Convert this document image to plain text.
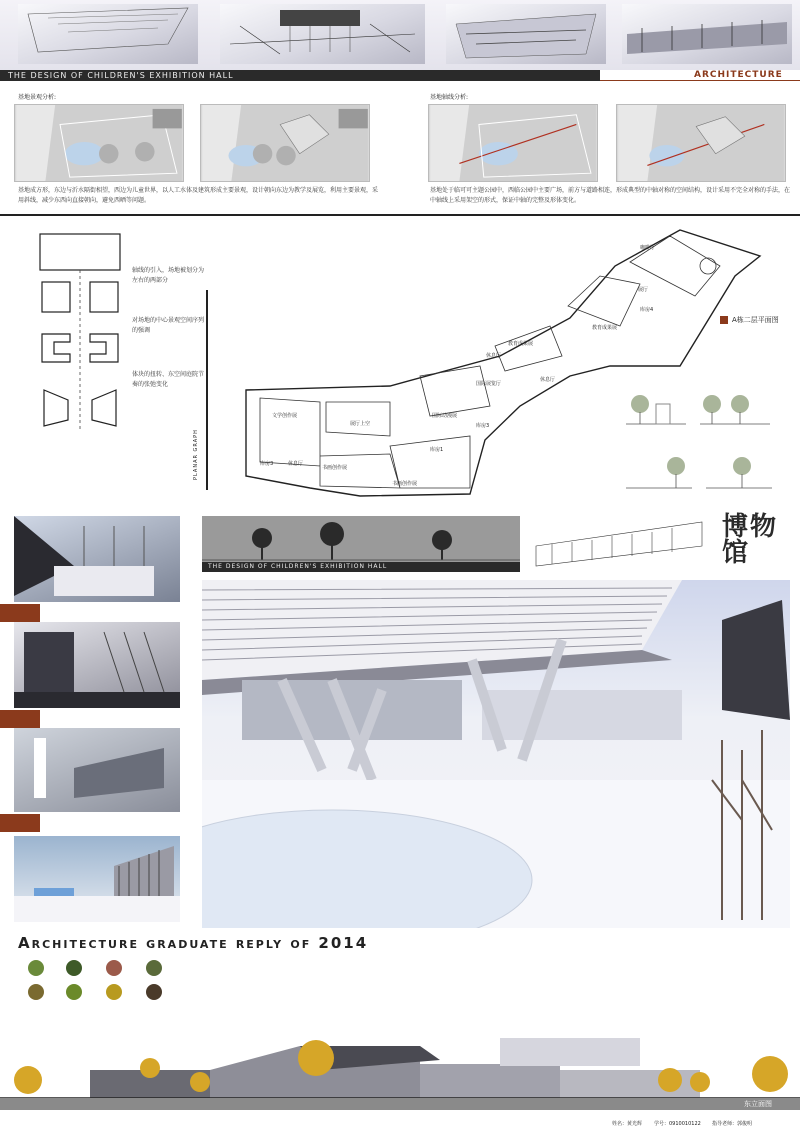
THE DESIGN OF CHILDREN'S EXHIBITION HALL	ARCHITECTURE
基地景观分析:
基地成方形，东边与沂水隔街相望，西边为儿童世界，以人工水体及建筑形成主要景观，设计朝向东边为教学及展览，利用主要景观，采用斜线，减少东西向直接朝向，避免西晒等问题。
基地轴线分析:
基地处于临可可主题公园中，西临公园中主要广场，前方与道路相连，形成典型的中轴对称的空间结构，设计采用不完全对称的手法，在中轴线上采用架空的形式，保证中轴的完整及形体变化。
轴线的引入，场地被划分为左右的两部分
对场地的中心景观空间序列的强调
体块的扭转、东空间庭院节奏的张弛变化
PLANAR GRAPH
咖啡厅
展厅
教育成果展
库房4
库房3
教育成果展
休息厅
国际展览厅
休息厅
国际动漫展
展厅上空
文学创作展
休息厅
书画创作展
书画创作展
库房1
库房3
A栋二层平面图
THE DESIGN OF CHILDREN'S EXHIBITION HALL
博物馆
Architecture graduate reply of 2014
东立面图
姓名：黄光辉 学号：0910010122 指导老师：郭俊明
